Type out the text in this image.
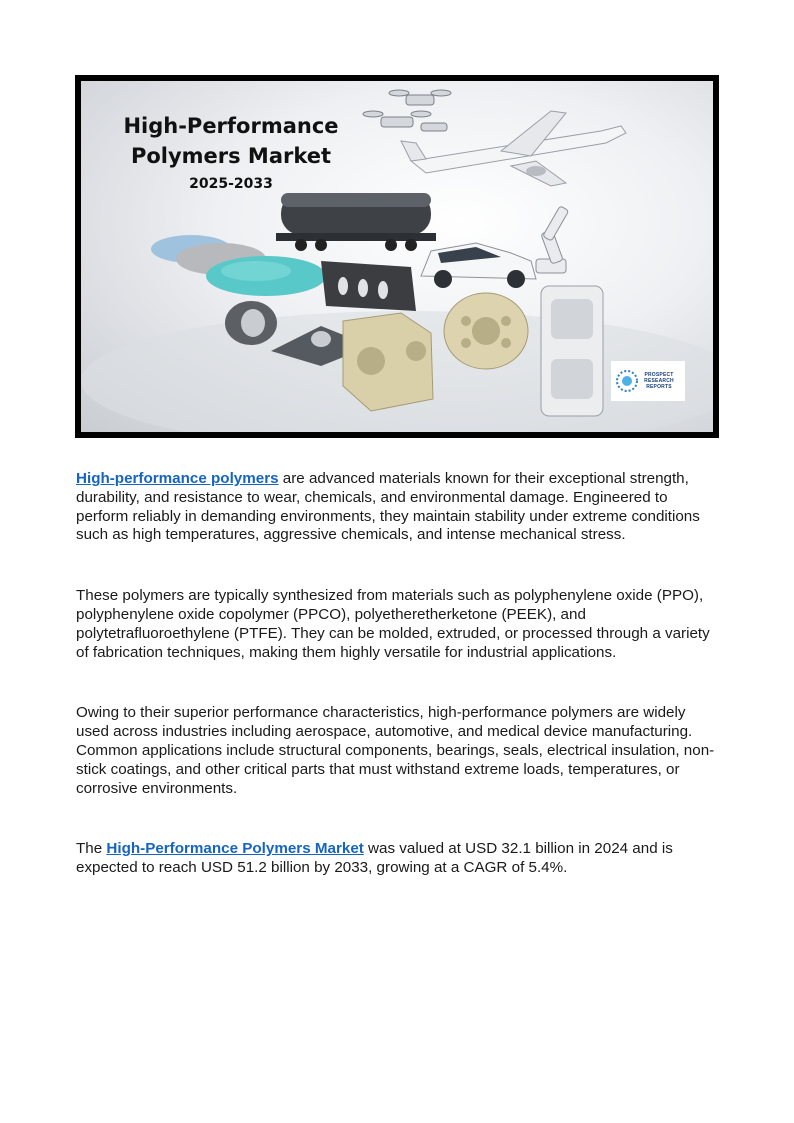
High-Performance
Polymers Market
2025-2033
PROSPECT
RESEARCH REPORTS

High-performance polymers are advanced materials known for their exceptional strength, durability, and resistance to wear, chemicals, and environmental damage. Engineered to perform reliably in demanding environments, they maintain stability under extreme conditions such as high temperatures, aggressive chemicals, and intense mechanical stress.

These polymers are typically synthesized from materials such as polyphenylene oxide (PPO), polyphenylene oxide copolymer (PPCO), polyetheretherketone (PEEK), and polytetrafluoroethylene (PTFE). They can be molded, extruded, or processed through a variety of fabrication techniques, making them highly versatile for industrial applications.

Owing to their superior performance characteristics, high-performance polymers are widely used across industries including aerospace, automotive, and medical device manufacturing. Common applications include structural components, bearings, seals, electrical insulation, non-stick coatings, and other critical parts that must withstand extreme loads, temperatures, or corrosive environments.

The High-Performance Polymers Market was valued at USD 32.1 billion in 2024 and is expected to reach USD 51.2 billion by 2033, growing at a CAGR of 5.4%.
